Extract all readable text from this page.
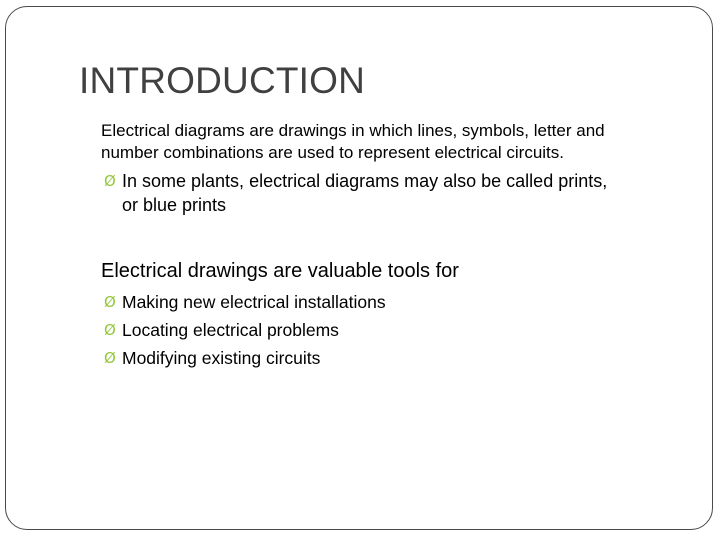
INTRODUCTION
Electrical diagrams are drawings in which lines, symbols, letter and
number combinations are used to represent electrical circuits.
Ø In some plants, electrical diagrams may also be called prints,
or blue prints
Electrical drawings are valuable tools for
Ø Making new electrical installations
Ø Locating electrical problems
Ø Modifying existing circuits
